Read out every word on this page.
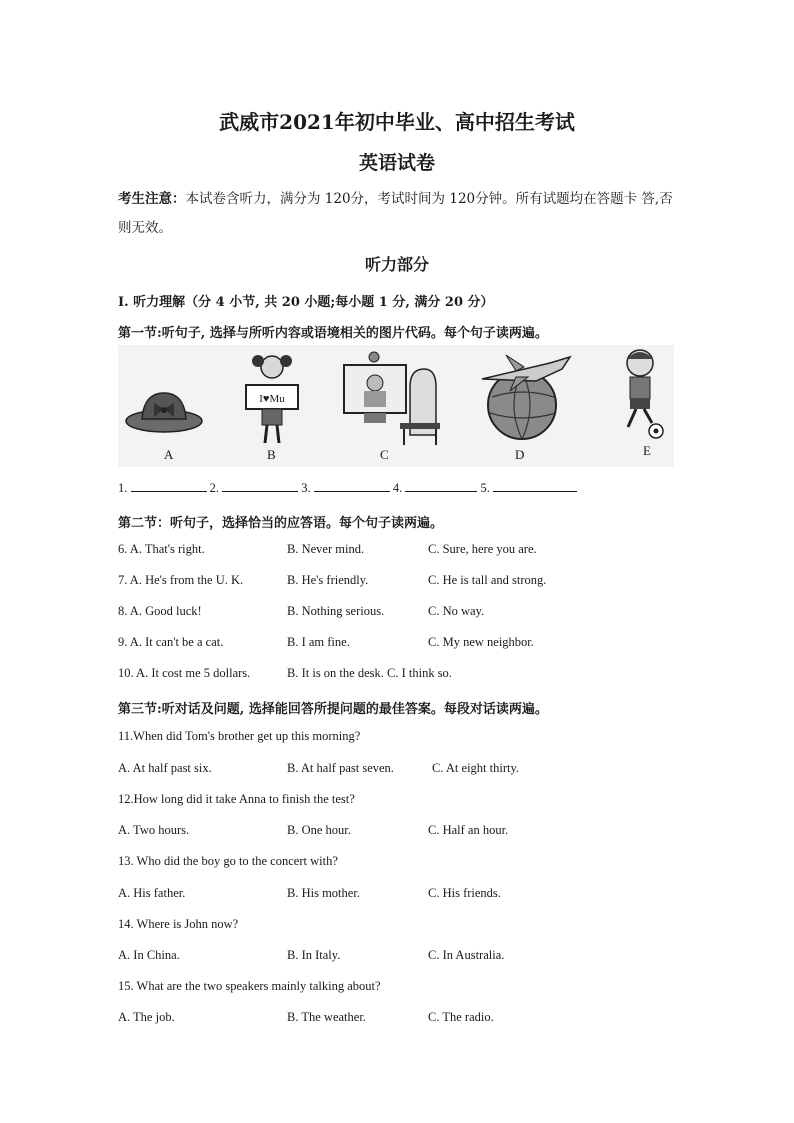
武威市2021年初中毕业、高中招生考试
英语试卷
考生注意：本试卷含听力，满分为 120分，考试时间为 120分钟。所有试题均在答题卡 答,否则无效。
听力部分
I. 听力理解（分 4 小节, 共 20 小题;每小题 1 分, 满分 20 分）
第一节:听句子, 选择与所听内容或语境相关的图片代码。每个句子读两遍。
I♥Mu
A	B	C	D	E
1.	2.	3.	4.	5.
第二节：听句子，选择恰当的应答语。每个句子读两遍。
6. A. That's right.	B. Never mind.	C. Sure, here you are.
7. A. He's from the U. K.	B. He's friendly.	C. He is tall and strong.
8. A. Good luck!	B. Nothing serious.	C. No way.
9. A. It can't be a cat.	B. I am fine.	C. My new neighbor.
10. A. It cost me 5 dollars.	B. It is on the desk. C. I think so.
第三节:听对话及问题, 选择能回答所提问题的最佳答案。每段对话读两遍。
11.When did Tom's brother get up this morning?
A. At half past six.	B. At half past seven.	C. At eight thirty.
12.How long did it take Anna to finish the test?
A. Two hours.	B. One hour.	C. Half an hour.
13. Who did the boy go to the concert with?
A. His father.	B. His mother.	C. His friends.
14. Where is John now?
A. In China.	B. In Italy.	C. In Australia.
15. What are the two speakers mainly talking about?
A. The job.	B. The weather.	C. The radio.
